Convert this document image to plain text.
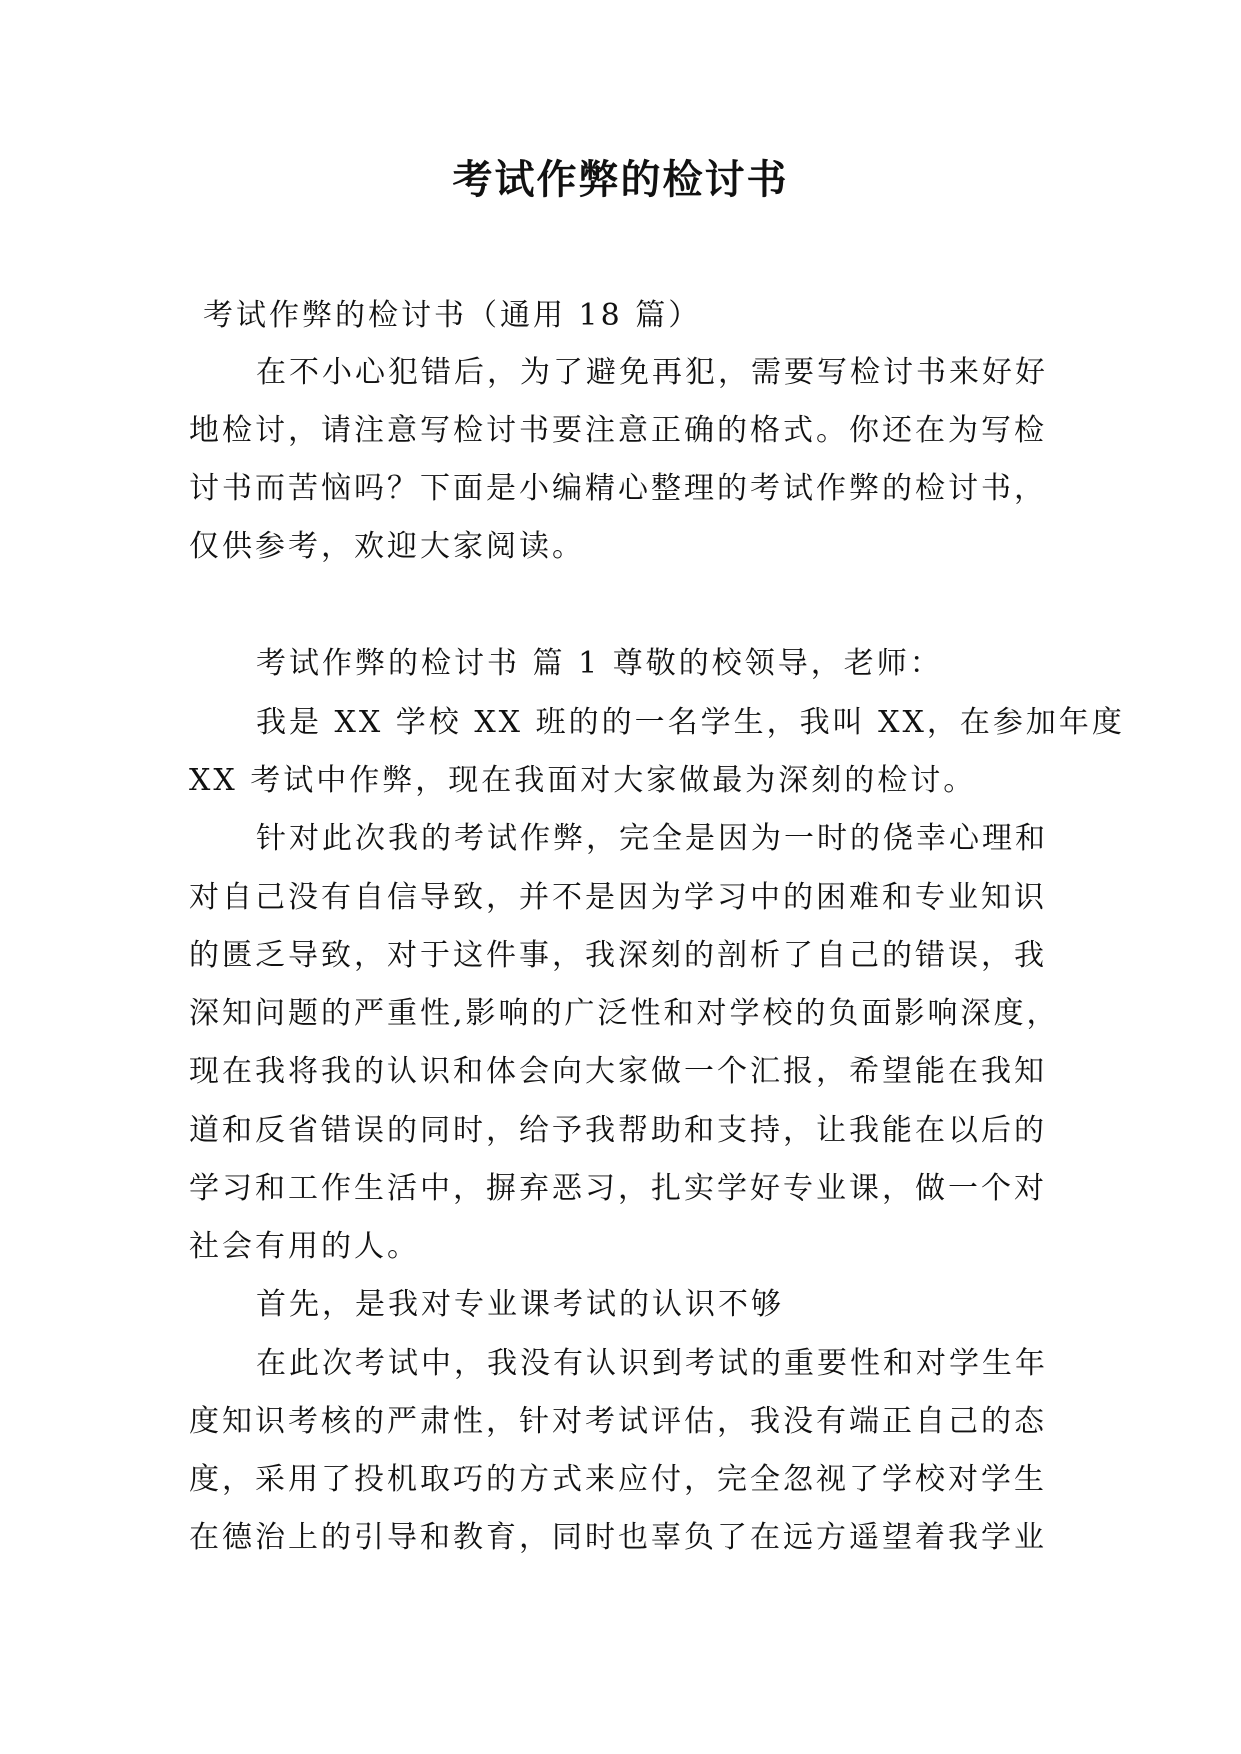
考试作弊的检讨书
考试作弊的检讨书（通用 18 篇）
在不小心犯错后，为了避免再犯，需要写检讨书来好好
地检讨，请注意写检讨书要注意正确的格式。你还在为写检
讨书而苦恼吗？下面是小编精心整理的考试作弊的检讨书，
仅供参考，欢迎大家阅读。
考试作弊的检讨书 篇 1 尊敬的校领导，老师：
我是 XX 学校 XX 班的的一名学生，我叫 XX，在参加年度
XX 考试中作弊，现在我面对大家做最为深刻的检讨。
针对此次我的考试作弊，完全是因为一时的侥幸心理和
对自己没有自信导致，并不是因为学习中的困难和专业知识
的匮乏导致，对于这件事，我深刻的剖析了自己的错误，我
深知问题的严重性,影响的广泛性和对学校的负面影响深度，
现在我将我的认识和体会向大家做一个汇报，希望能在我知
道和反省错误的同时，给予我帮助和支持，让我能在以后的
学习和工作生活中，摒弃恶习，扎实学好专业课，做一个对
社会有用的人。
首先，是我对专业课考试的认识不够
在此次考试中，我没有认识到考试的重要性和对学生年
度知识考核的严肃性，针对考试评估，我没有端正自己的态
度，采用了投机取巧的方式来应付，完全忽视了学校对学生
在德治上的引导和教育，同时也辜负了在远方遥望着我学业
